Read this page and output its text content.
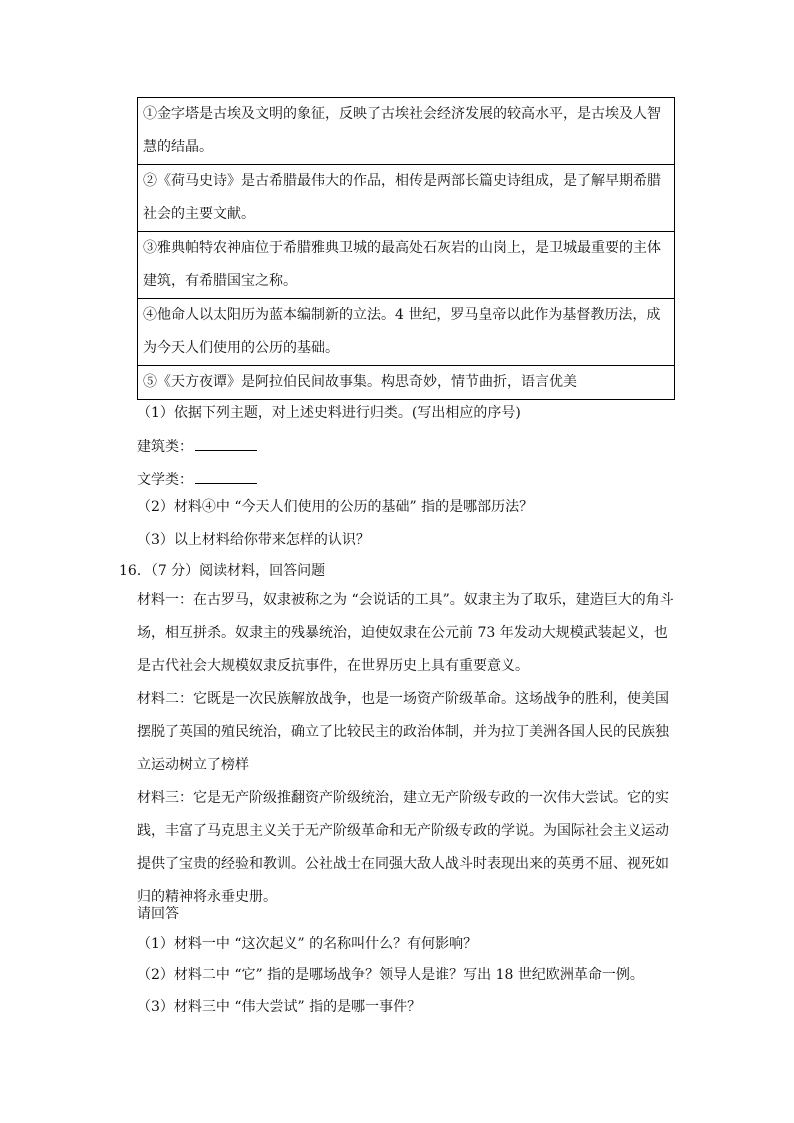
①金字塔是古埃及文明的象征，反映了古埃社会经济发展的较高水平，是古埃及人智慧的结晶。
②《荷马史诗》是古希腊最伟大的作品，相传是两部长篇史诗组成，是了解早期希腊社会的主要文献。
③雅典帕特农神庙位于希腊雅典卫城的最高处石灰岩的山岗上，是卫城最重要的主体建筑，有希腊国宝之称。
④他命人以太阳历为蓝本编制新的立法。4 世纪，罗马皇帝以此作为基督教历法，成为今天人们使用的公历的基础。
⑤《天方夜谭》是阿拉伯民间故事集。构思奇妙，情节曲折，语言优美
（1）依据下列主题，对上述史料进行归类。(写出相应的序号)
建筑类：
文学类：
（2）材料④中 “今天人们使用的公历的基础” 指的是哪部历法？
（3）以上材料给你带来怎样的认识？
16．（7 分）阅读材料，回答问题
材料一：在古罗马，奴隶被称之为 “会说话的工具”。奴隶主为了取乐，建造巨大的角斗场，相互拼杀。奴隶主的残暴统治，迫使奴隶在公元前 73 年发动大规模武装起义，也是古代社会大规模奴隶反抗事件，在世界历史上具有重要意义。
材料二：它既是一次民族解放战争，也是一场资产阶级革命。这场战争的胜利，使美国摆脱了英国的殖民统治，确立了比较民主的政治体制，并为拉丁美洲各国人民的民族独立运动树立了榜样
材料三：它是无产阶级推翻资产阶级统治，建立无产阶级专政的一次伟大尝试。它的实践，丰富了马克思主义关于无产阶级革命和无产阶级专政的学说。为国际社会主义运动提供了宝贵的经验和教训。公社战士在同强大敌人战斗时表现出来的英勇不屈、视死如归的精神将永垂史册。
请回答
（1）材料一中 “这次起义” 的名称叫什么？有何影响？
（2）材料二中 “它” 指的是哪场战争？领导人是谁？写出 18 世纪欧洲革命一例。
（3）材料三中 “伟大尝试” 指的是哪一事件？
